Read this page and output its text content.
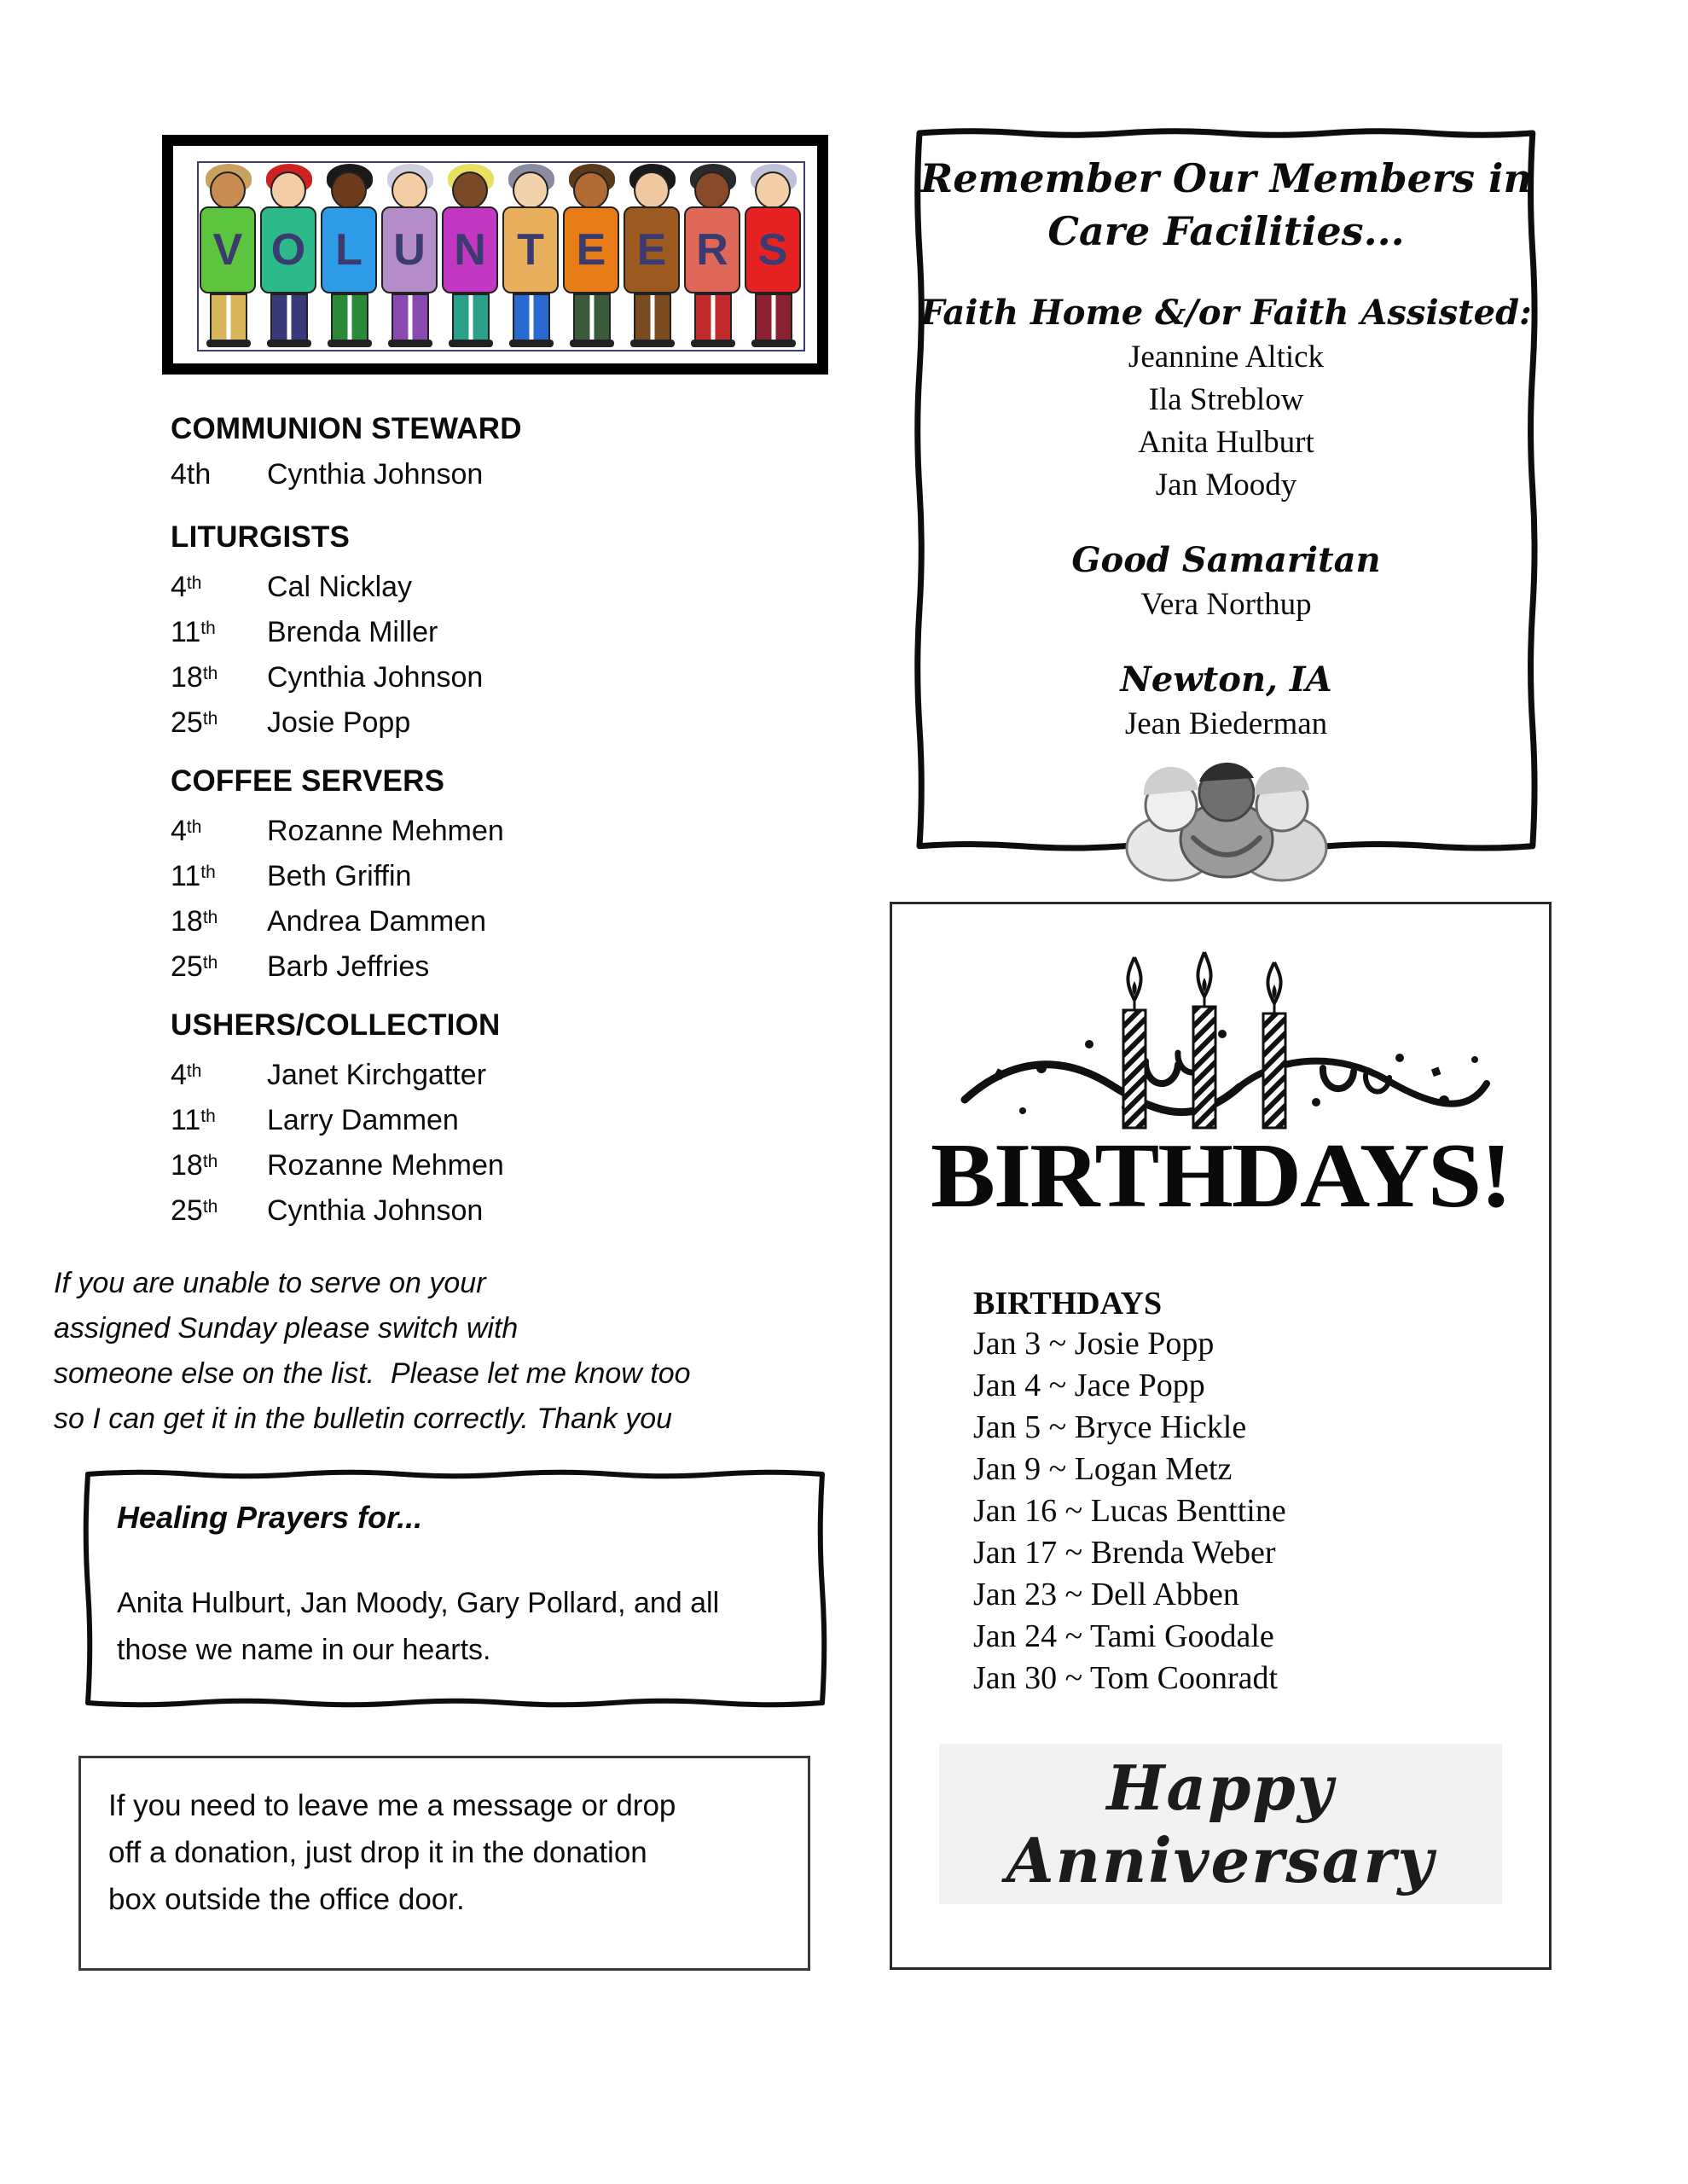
V O L U N T E E R S
COMMUNION STEWARD
4th Cynthia Johnson
LITURGISTS
4th Cal Nicklay
11th Brenda Miller
18th Cynthia Johnson
25th Josie Popp
COFFEE SERVERS
4th Rozanne Mehmen
11th Beth Griffin
18th Andrea Dammen
25th Barb Jeffries
USHERS/COLLECTION
4th Janet Kirchgatter
11th Larry Dammen
18th Rozanne Mehmen
25th Cynthia Johnson
If you are unable to serve on your
assigned Sunday please switch with
someone else on the list.  Please let me know too
so I can get it in the bulletin correctly. Thank you

Healing Prayers for...

Anita Hulburt, Jan Moody, Gary Pollard, and all
those we name in our hearts.
If you need to leave me a message or drop
off a donation, just drop it in the donation
box outside the office door.
Remember Our Members in
Care Facilities...
Faith Home &/or Faith Assisted:
Jeannine Altick
Ila Streblow
Anita Hulburt
Jan Moody
Good Samaritan
Vera Northup
Newton, IA
Jean Biederman
BIRTHDAYS!
BIRTHDAYS
Jan 3 ~ Josie Popp
Jan 4 ~ Jace Popp
Jan 5 ~ Bryce Hickle
Jan 9 ~ Logan Metz
Jan 16 ~ Lucas Benttine
Jan 17 ~ Brenda Weber
Jan 23 ~ Dell Abben
Jan 24 ~ Tami Goodale
Jan 30 ~ Tom Coonradt
Happy Anniversary
